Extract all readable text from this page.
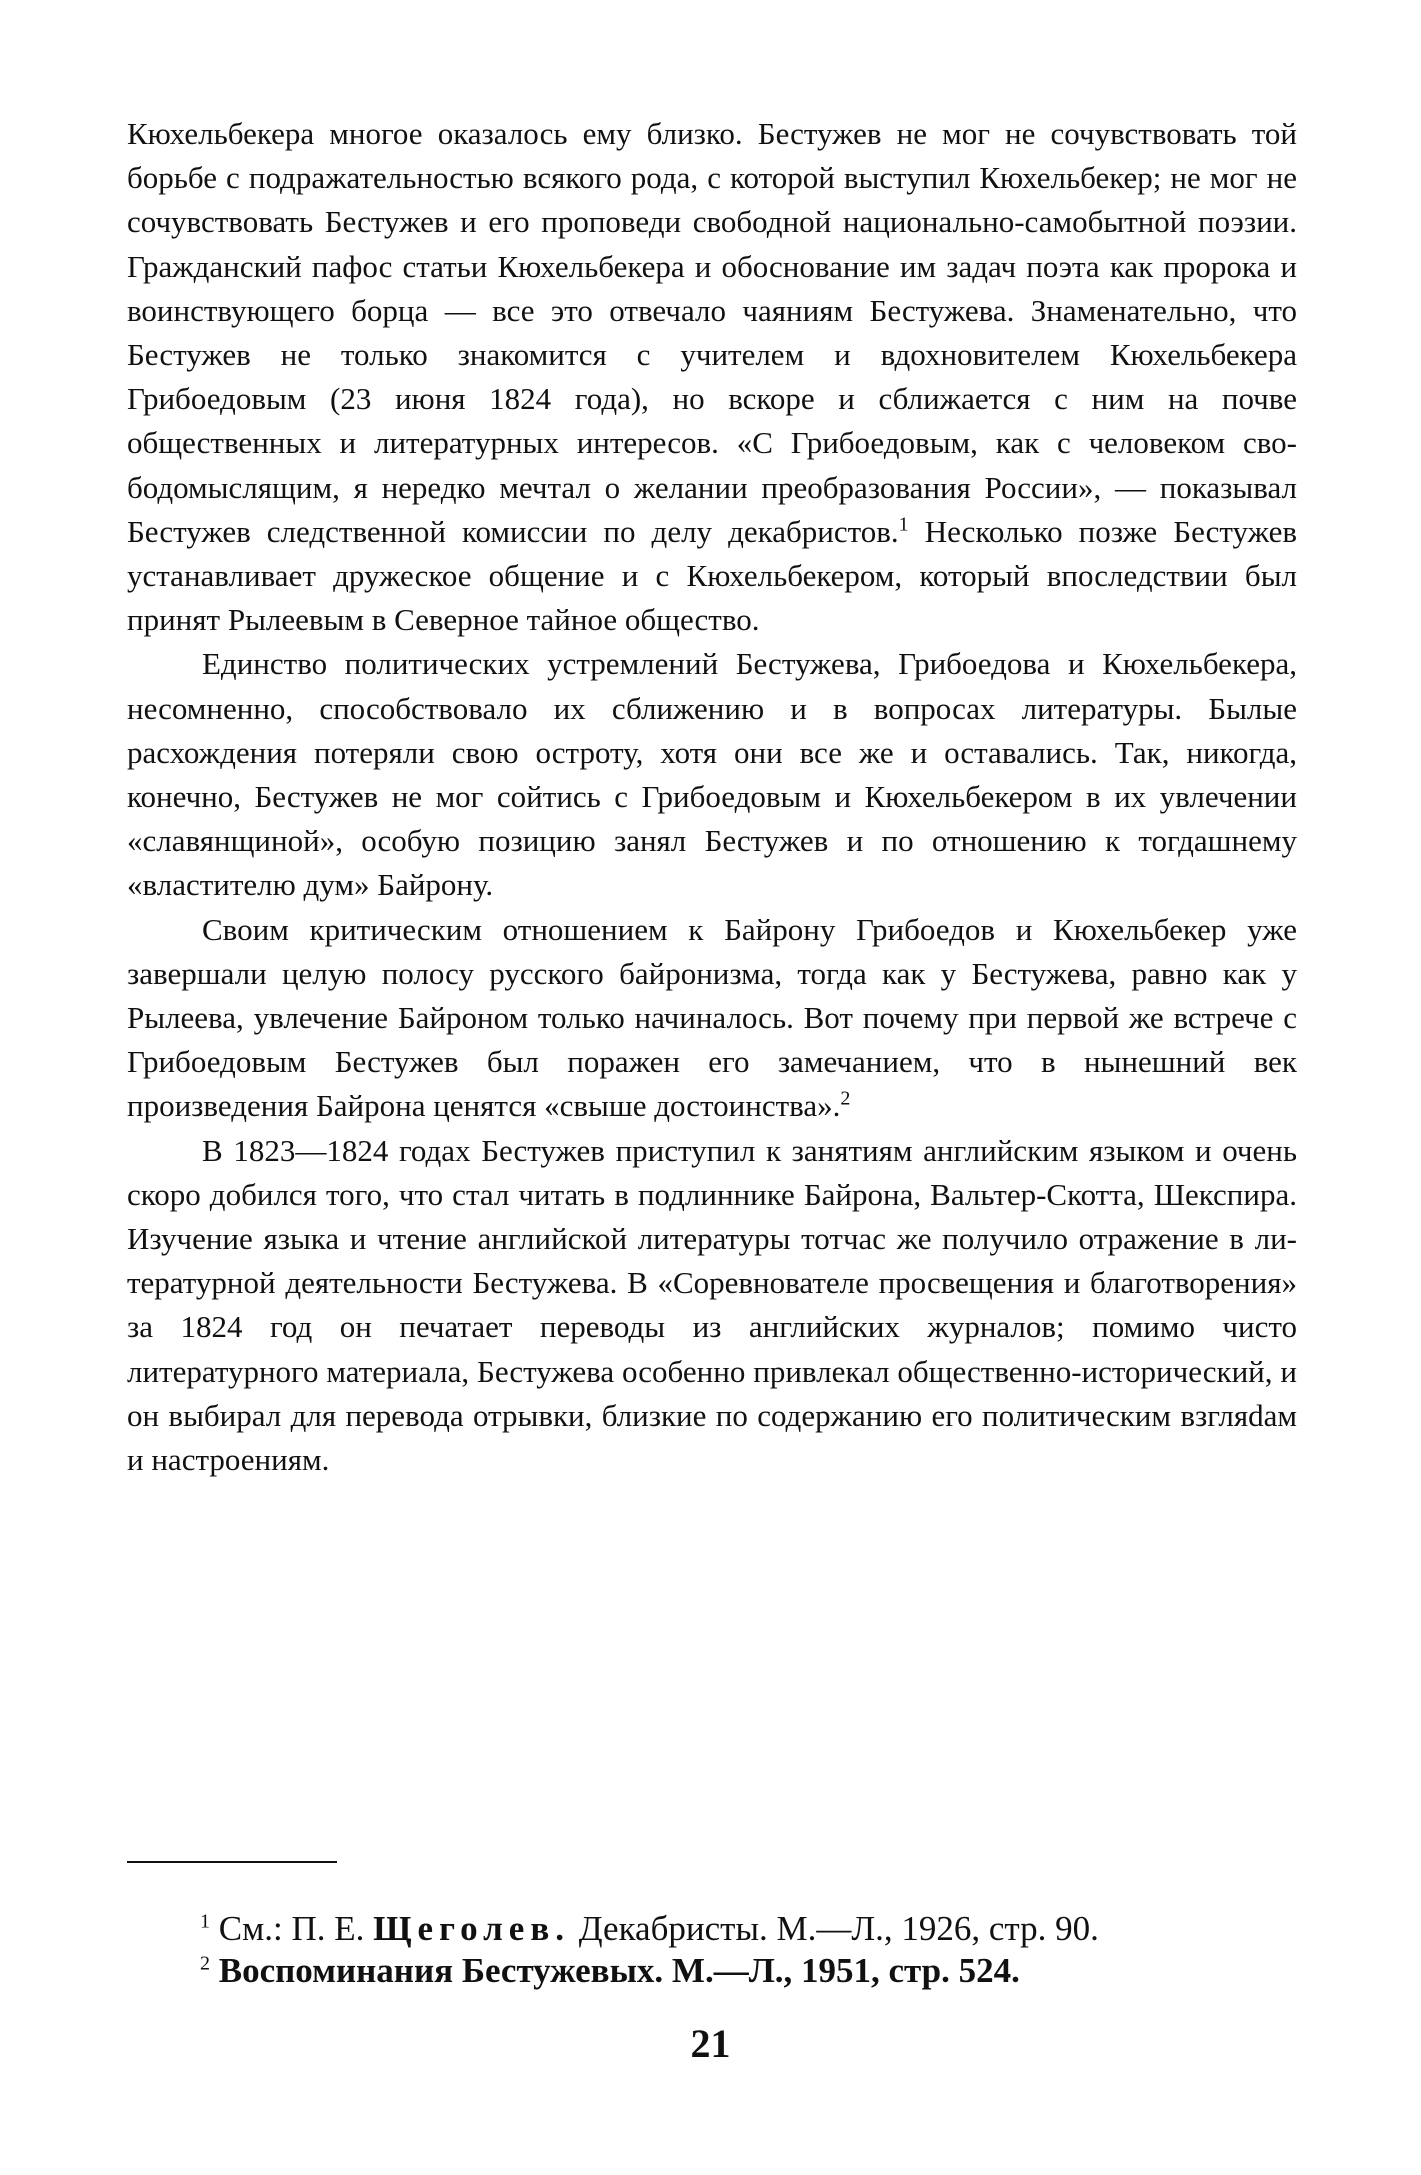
Кюхельбекера многое оказалось ему близко. Бестужев не мог не сочувствовать той борьбе с подражательностью всякого рода, с которой выступил Кюхельбекер; не мог не сочувствовать Бестужев и его проповеди свободной национально-самобытной поэзии. Гражданский пафос статьи Кюхельбекера и обоснование им задач поэта как пророка и воинствующего борца — все это отвечало чаяниям Бестужева. Знаменательно, что Бестужев не только знакомится с учителем и вдохновителем Кюхельбекера Грибоедовым (23 июня 1824 года), но вскоре и сближается с ним на почве общественных и литературных интересов. «С Грибоедовым, как с человеком свободомыслящим, я нередко мечтал о желании преобразования России», — показывал Бестужев следственной комиссии по делу декабристов.$^1$ Несколько позже Бестужев устанавливает дружеское общение и с Кюхельбекером, который впоследствии был принят Рылеевым в Северное тайное общество.

Единство политических устремлений Бестужева, Грибоедова и Кюхельбекера, несомненно, способствовало их сближению и в вопросах литературы. Былые расхождения потеряли свою остроту, хотя они все же и оставались. Так, никогда, конечно, Бестужев не мог сойтись с Грибоедовым и Кюхельбекером в их увлечении «славянщиной», особую позицию занял Бестужев и по отношению к тогдашнему «властителю дум» Байрону.

Своим критическим отношением к Байрону Грибоедов и Кюхельбекер уже завершали целую полосу русского байронизма, тогда как у Бестужева, равно как у Рылеева, увлечение Байроном только начиналось. Вот почему при первой же встрече с Грибоедовым Бестужев был поражен его замечанием, что в нынешний век произведения Байрона ценятся «свыше достоинства».$^2$

В 1823—1824 годах Бестужев приступил к занятиям английским языком и очень скоро добился того, что стал читать в подлиннике Байрона, Вальтер-Скотта, Шекспира. Изучение языка и чтение английской литературы тотчас же получило отражение в литературной деятельности Бестужева. В «Соревнователе просвещения и благотворения» за 1824 год он печатает переводы из английских журналов; помимо чисто литературного материала, Бестужева особенно привлекал общественно-исторический, и он выбирал для перевода отрывки, близкие по содержанию его политическим взгляdам и настроениям.

$^1$ См.: П. Е. Щеголев. Декабристы. М.—Л., 1926, стр. 90.

$^2$ Воспоминания Бестужевых. М.—Л., 1951, стр. 524.

21
